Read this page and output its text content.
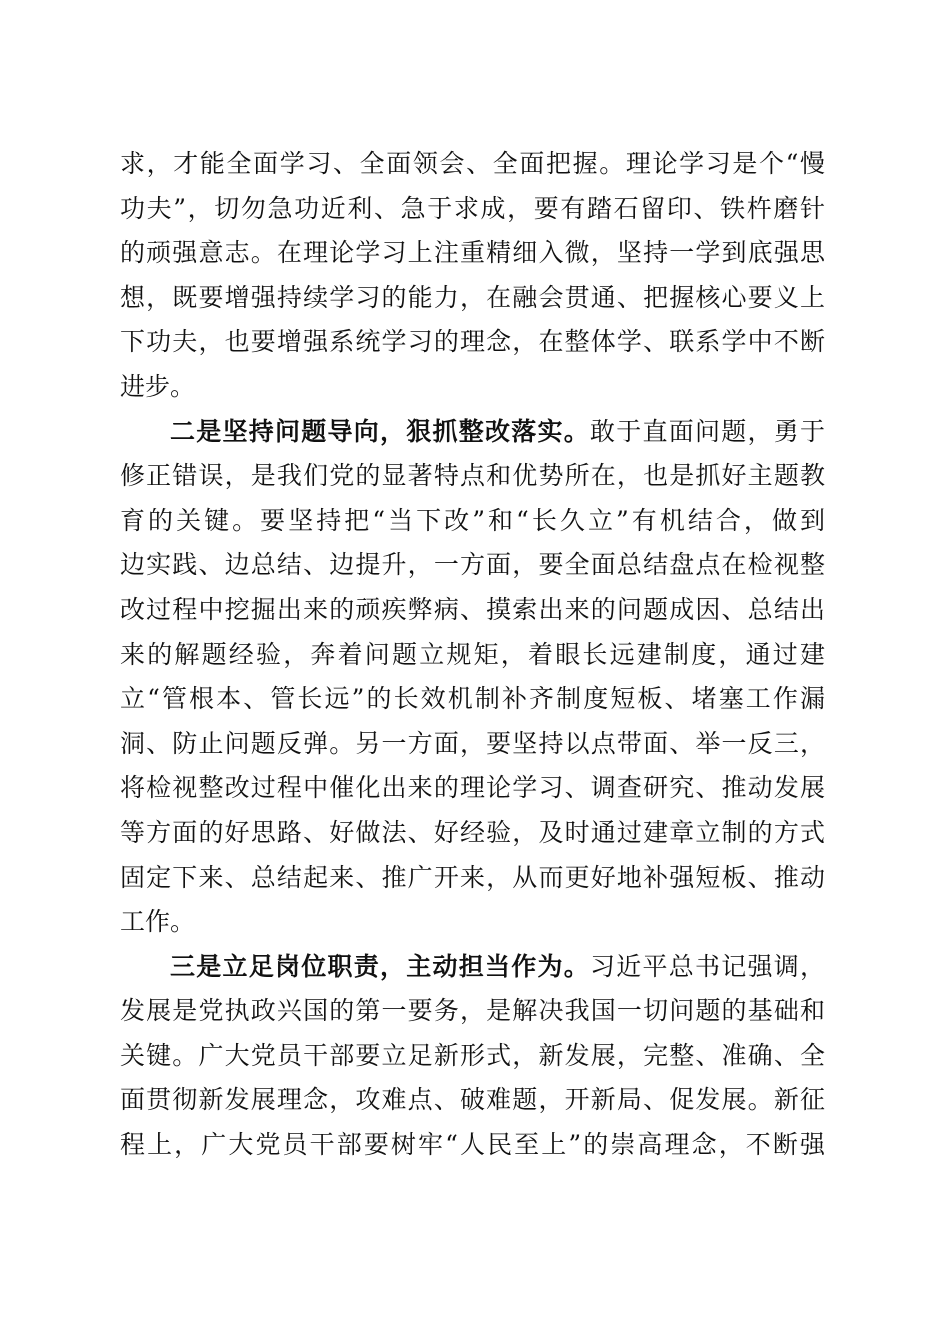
求，才能全面学习、全面领会、全面把握。理论学习是个“慢
功夫”，切勿急功近利、急于求成，要有踏石留印、铁杵磨针
的顽强意志。在理论学习上注重精细入微，坚持一学到底强思
想，既要增强持续学习的能力，在融会贯通、把握核心要义上
下功夫，也要增强系统学习的理念，在整体学、联系学中不断
进步。
二是坚持问题导向，狠抓整改落实。敢于直面问题，勇于
修正错误，是我们党的显著特点和优势所在，也是抓好主题教
育的关键。要坚持把“当下改”和“长久立”有机结合，做到
边实践、边总结、边提升，一方面，要全面总结盘点在检视整
改过程中挖掘出来的顽疾弊病、摸索出来的问题成因、总结出
来的解题经验，奔着问题立规矩，着眼长远建制度，通过建
立“管根本、管长远”的长效机制补齐制度短板、堵塞工作漏
洞、防止问题反弹。另一方面，要坚持以点带面、举一反三，
将检视整改过程中催化出来的理论学习、调查研究、推动发展
等方面的好思路、好做法、好经验，及时通过建章立制的方式
固定下来、总结起来、推广开来，从而更好地补强短板、推动
工作。
三是立足岗位职责，主动担当作为。习近平总书记强调，
发展是党执政兴国的第一要务，是解决我国一切问题的基础和
关键。广大党员干部要立足新形式，新发展，完整、准确、全
面贯彻新发展理念，攻难点、破难题，开新局、促发展。新征
程上，广大党员干部要树牢“人民至上”的崇高理念，不断强
